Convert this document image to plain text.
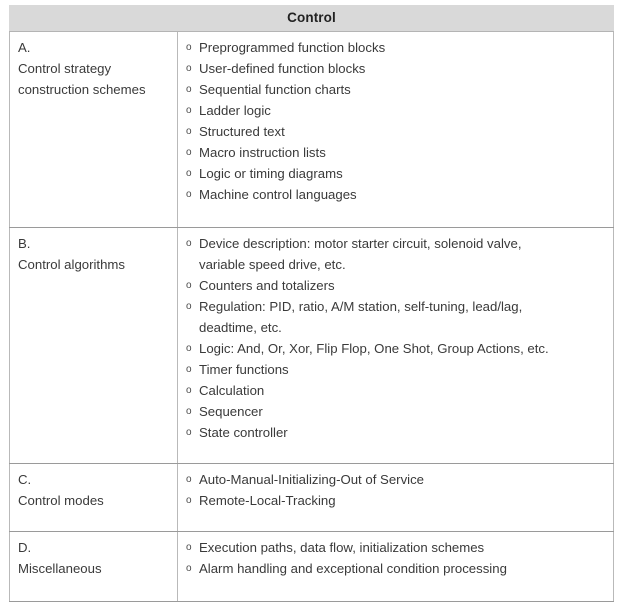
Control	

A.
Control strategy
construction schemes

o Preprogrammed function blocks
o User-defined function blocks
o Sequential function charts
o Ladder logic
o Structured text
o Macro instruction lists
o Logic or timing diagrams
o Machine control languages

B.
Control algorithms

o Device description: motor starter circuit, solenoid valve,
variable speed drive, etc.
o Counters and totalizers
o Regulation: PID, ratio, A/M station, self-tuning, lead/lag,
deadtime, etc.
o Logic: And, Or, Xor, Flip Flop, One Shot, Group Actions, etc.
o Timer functions
o Calculation
o Sequencer
o State controller

C.
Control modes

o Auto-Manual-Initializing-Out of Service
o Remote-Local-Tracking

D.
Miscellaneous

o Execution paths, data flow, initialization schemes
o Alarm handling and exceptional condition processing
